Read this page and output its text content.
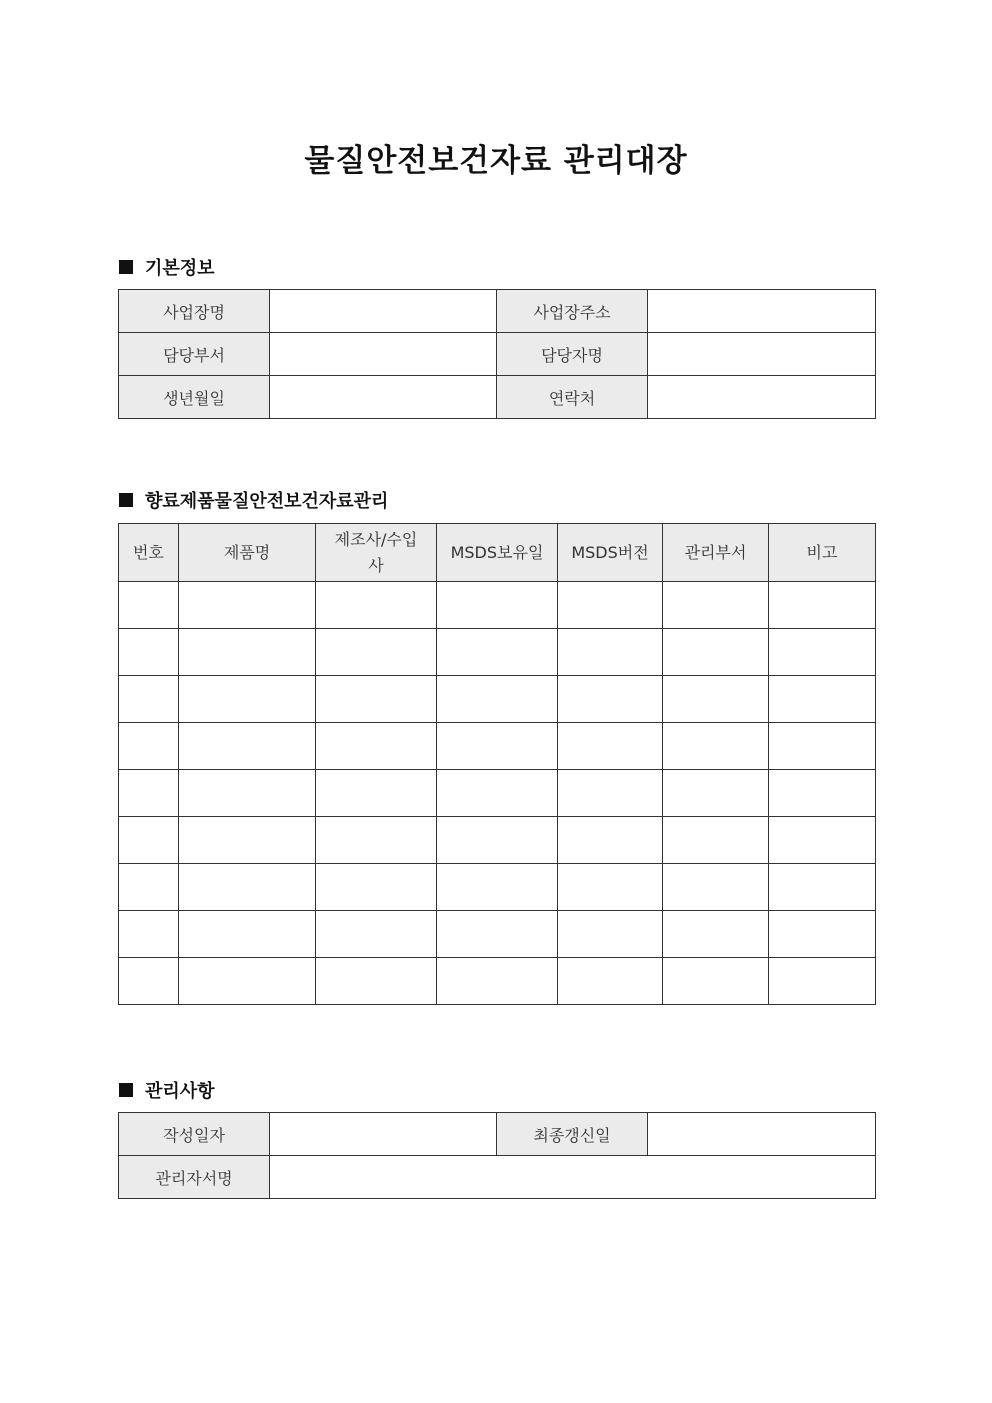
물질안전보건자료 관리대장
기본정보
사업장명		사업장주소	
담당부서		담당자명	
생년월일		연락처	
향료제품물질안전보건자료관리
번호	제품명	제조사/수입사	MSDS보유일	MSDS버전	관리부서	비고

관리사항
작성일자		최종갱신일	
관리자서명			
